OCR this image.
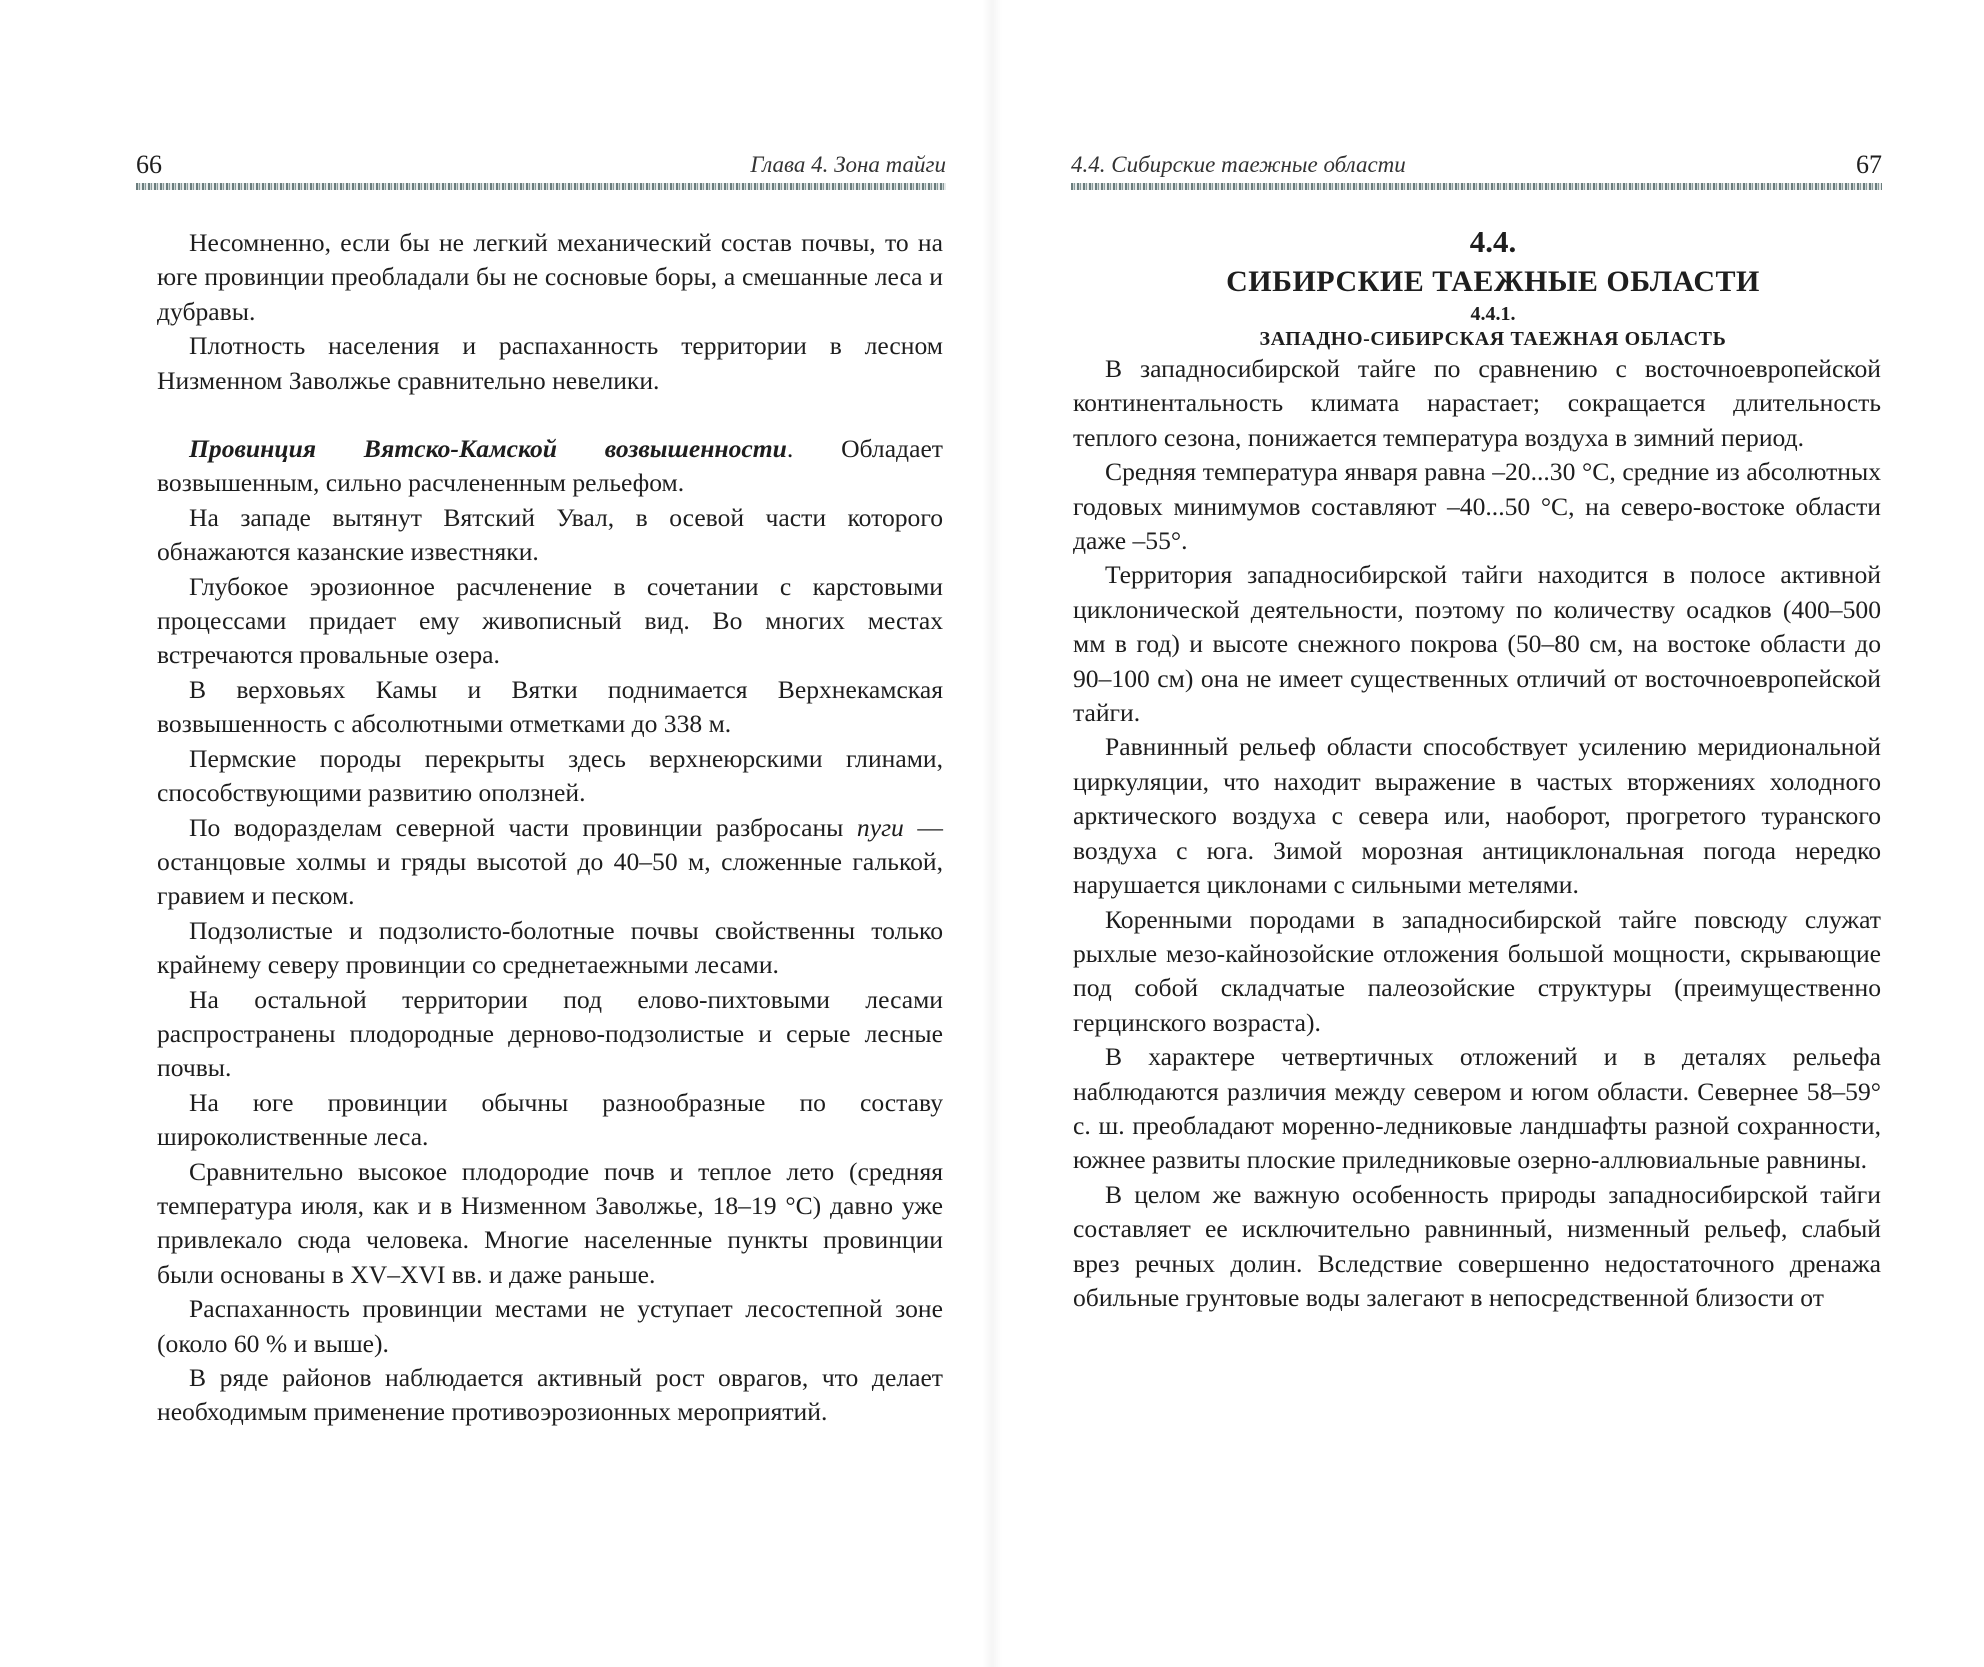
66	Глава 4. Зона тайги

Несомненно, если бы не легкий механический состав почвы, то на юге провинции преобладали бы не сосновые боры, а смешанные леса и дубравы.

Плотность населения и распаханность территории в лесном Низменном Заволжье сравнительно невелики.

Провинция Вятско-Камской возвышенности. Обладает возвышенным, сильно расчлененным рельефом.

На западе вытянут Вятский Увал, в осевой части которого обнажаются казанские известняки.

Глубокое эрозионное расчленение в сочетании с карстовыми процессами придает ему живописный вид. Во многих местах встречаются провальные озера.

В верховьях Камы и Вятки поднимается Верхнекамская возвышенность с абсолютными отметками до 338 м.

Пермские породы перекрыты здесь верхнеюрскими глинами, способствующими развитию оползней.

По водоразделам северной части провинции разбросаны пуги — останцовые холмы и гряды высотой до 40–50 м, сложенные галькой, гравием и песком.

Подзолистые и подзолисто-болотные почвы свойственны только крайнему северу провинции со среднетаежными лесами.

На остальной территории под елово-пихтовыми лесами распространены плодородные дерново-подзолистые и серые лесные почвы.

На юге провинции обычны разнообразные по составу широколиственные леса.

Сравнительно высокое плодородие почв и теплое лето (средняя температура июля, как и в Низменном Заволжье, 18–19 °С) давно уже привлекало сюда человека. Многие населенные пункты провинции были основаны в XV–XVI вв. и даже раньше.

Распаханность провинции местами не уступает лесостепной зоне (около 60 % и выше).

В ряде районов наблюдается активный рост оврагов, что делает необходимым применение противоэрозионных мероприятий.

4.4. Сибирские таежные области	67

4.4.

СИБИРСКИЕ ТАЕЖНЫЕ ОБЛАСТИ

4.4.1.

ЗАПАДНО-СИБИРСКАЯ ТАЕЖНАЯ ОБЛАСТЬ

В западносибирской тайге по сравнению с восточноевропейской континентальность климата нарастает; сокращается длительность теплого сезона, понижается температура воздуха в зимний период.

Средняя температура января равна –20...30 °С, средние из абсолютных годовых минимумов составляют –40...50 °С, на северо-востоке области даже –55°.

Территория западносибирской тайги находится в полосе активной циклонической деятельности, поэтому по количеству осадков (400–500 мм в год) и высоте снежного покрова (50–80 см, на востоке области до 90–100 см) она не имеет существенных отличий от восточноевропейской тайги.

Равнинный рельеф области способствует усилению меридиональной циркуляции, что находит выражение в частых вторжениях холодного арктического воздуха с севера или, наоборот, прогретого туранского воздуха с юга. Зимой морозная антициклональная погода нередко нарушается циклонами с сильными метелями.

Коренными породами в западносибирской тайге повсюду служат рыхлые мезо-кайнозойские отложения большой мощности, скрывающие под собой складчатые палеозойские структуры (преимущественно герцинского возраста).

В характере четвертичных отложений и в деталях рельефа наблюдаются различия между севером и югом области. Севернее 58–59° с. ш. преобладают моренно-ледниковые ландшафты разной сохранности, южнее развиты плоские приледниковые озерно-аллювиальные равнины.

В целом же важную особенность природы западносибирской тайги составляет ее исключительно равнинный, низменный рельеф, слабый врез речных долин. Вследствие совершенно недостаточного дренажа обильные грунтовые воды залегают в непосредственной близости от
